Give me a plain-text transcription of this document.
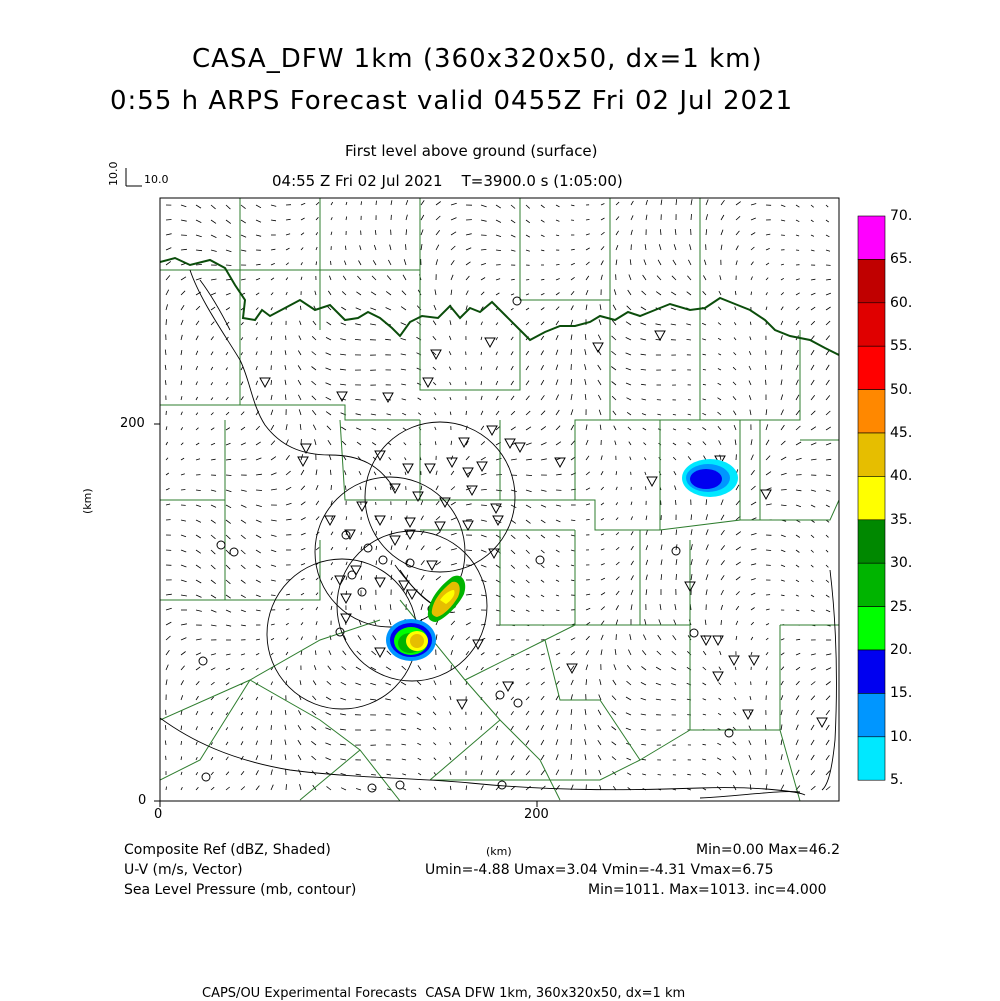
CASA_DFW 1km (360x320x50, dx=1 km)
0:55 h ARPS Forecast valid 0455Z Fri 02 Jul 2021
First level above ground (surface)
04:55 Z Fri 02 Jul 2021    T=3900.0 s (1:05:00)
10.0 10.0
0	200
0
200
(km)
70.
65.
60.
55.
50.
45.
40.
35.
30.
25.
20.
15.
10.
5.
Composite Ref (dBZ, Shaded)
U-V (m/s, Vector)
Sea Level Pressure (mb, contour)
(km)	Min=0.00 Max=46.2
Umin=-4.88 Umax=3.04 Vmin=-4.31 Vmax=6.75
Min=1011. Max=1013. inc=4.000
CAPS/OU Experimental Forecasts  CASA DFW 1km, 360x320x50, dx=1 km
